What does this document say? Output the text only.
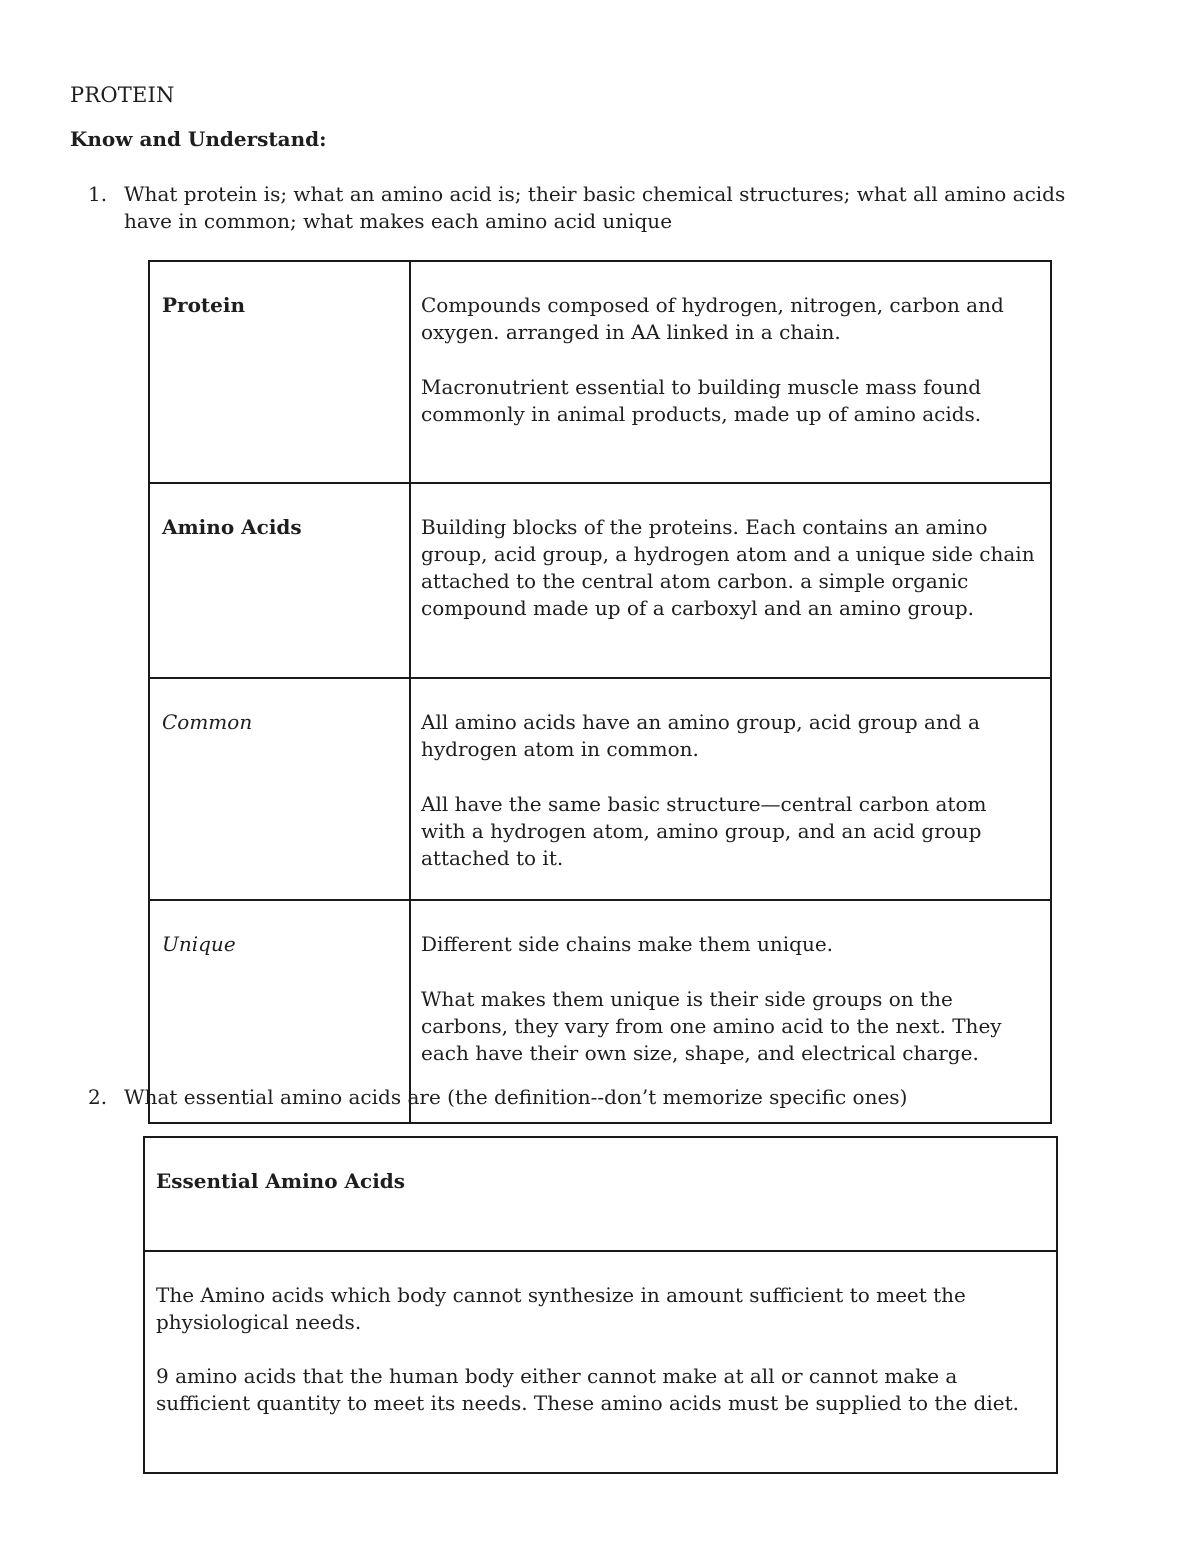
PROTEIN
Know and Understand:
1. What protein is; what an amino acid is; their basic chemical structures; what all amino acids have in common; what makes each amino acid unique
Protein	Compounds composed of hydrogen, nitrogen, carbon and oxygen. arranged in AA linked in a chain.

Macronutrient essential to building muscle mass found commonly in animal products, made up of amino acids.

Amino Acids	Building blocks of the proteins. Each contains an amino group, acid group, a hydrogen atom and a unique side chain attached to the central atom carbon. a simple organic compound made up of a carboxyl and an amino group.

Common	All amino acids have an amino group, acid group and a hydrogen atom in common.

All have the same basic structure—central carbon atom with a hydrogen atom, amino group, and an acid group attached to it.

Unique	Different side chains make them unique.

What makes them unique is their side groups on the carbons, they vary from one amino acid to the next. They each have their own size, shape, and electrical charge.

2. What essential amino acids are (the definition--don’t memorize specific ones)
Essential Amino Acids

The Amino acids which body cannot synthesize in amount sufficient to meet the physiological needs.

9 amino acids that the human body either cannot make at all or cannot make a sufficient quantity to meet its needs. These amino acids must be supplied to the diet.
